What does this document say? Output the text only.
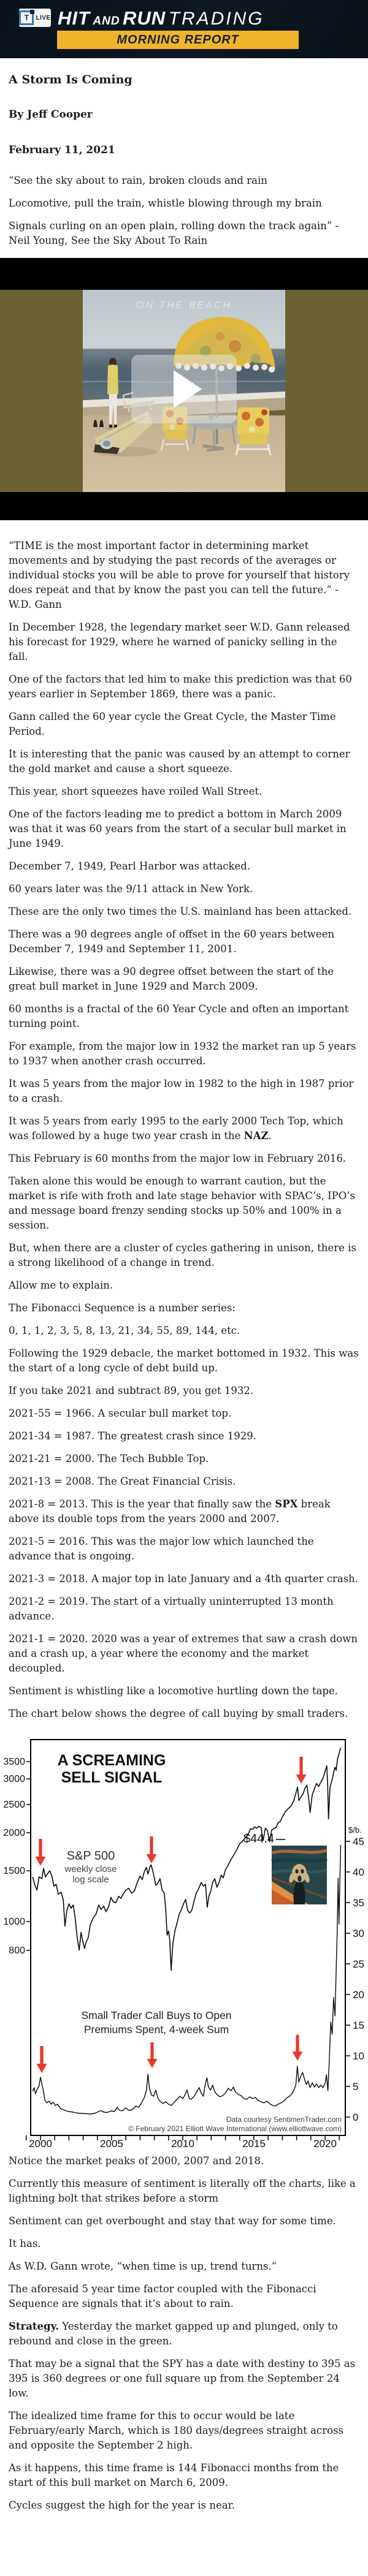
T	LIVE HIT AND RUN TRADING
MORNING REPORT
A Storm Is Coming
By Jeff Cooper
February 11, 2021

“See the sky about to rain, broken clouds and rain

Locomotive, pull the train, whistle blowing through my brain

Signals curling on an open plain, rolling down the track again” - Neil Young, See the Sky About To Rain

ON THE BEACH

“TIME is the most important factor in determining market movements and by studying the past records of the averages or individual stocks you will be able to prove for yourself that history does repeat and that by know the past you can tell the future.” - W.D. Gann

In December 1928, the legendary market seer W.D. Gann released his forecast for 1929, where he warned of panicky selling in the fall.

One of the factors that led him to make this prediction was that 60 years earlier in September 1869, there was a panic.

Gann called the 60 year cycle the Great Cycle, the Master Time Period.

It is interesting that the panic was caused by an attempt to corner the gold market and cause a short squeeze.

This year, short squeezes have roiled Wall Street.

One of the factors leading me to predict a bottom in March 2009 was that it was 60 years from the start of a secular bull market in June 1949.

December 7, 1949, Pearl Harbor was attacked.

60 years later was the 9/11 attack in New York.

These are the only two times the U.S. mainland has been attacked.

There was a 90 degrees angle of offset in the 60 years between December 7, 1949 and September 11, 2001.

Likewise, there was a 90 degree offset between the start of the great bull market in June 1929 and March 2009.

60 months is a fractal of the 60 Year Cycle and often an important turning point.

For example, from the major low in 1932 the market ran up 5 years to 1937 when another crash occurred.

It was 5 years from the major low in 1982 to the high in 1987 prior to a crash.

It was 5 years from early 1995 to the early 2000 Tech Top, which was followed by a huge two year crash in the NAZ.

This February is 60 months from the major low in February 2016.

Taken alone this would be enough to warrant caution, but the market is rife with froth and late stage behavior with SPAC’s, IPO’s and message board frenzy sending stocks up 50% and 100% in a session.

But, when there are a cluster of cycles gathering in unison, there is a strong likelihood of a change in trend.

Allow me to explain.

The Fibonacci Sequence is a number series:

0, 1, 1, 2, 3, 5, 8, 13, 21, 34, 55, 89, 144, etc.

Following the 1929 debacle, the market bottomed in 1932. This was the start of a long cycle of debt build up.

If you take 2021 and subtract 89, you get 1932.

2021-55 = 1966. A secular bull market top.

2021-34 = 1987. The greatest crash since 1929.

2021-21 = 2000. The Tech Bubble Top.

2021-13 = 2008. The Great Financial Crisis.

2021-8 = 2013. This is the year that finally saw the SPX break above its double tops from the years 2000 and 2007.

2021-5 = 2016. This was the major low which launched the advance that is ongoing.

2021-3 = 2018. A major top in late January and a 4th quarter crash.

2021-2 = 2019. The start of a virtually uninterrupted 13 month advance.

2021-1 = 2020. 2020 was a year of extremes that saw a crash down and a crash up, a year where the economy and the market decoupled.

Sentiment is whistling like a locomotive hurtling down the tape.

The chart below shows the degree of call buying by small traders.

A SCREAMING
SELL SIGNAL
3500
3000
2500
2000
1500
1000
800
45
40
35
30
25
20
15
10
5
0
$/b.
2000	2005	2010	2015	2020
S&P 500
weekly close
log scale
Small Trader Call Buys to Open
Premiums Spent, 4-week Sum
$44.4
Data courtesy SentimenTrader.com
© February 2021 Elliott Wave International (www.elliottwave.com)

Notice the market peaks of 2000, 2007 and 2018.

Currently this measure of sentiment is literally off the charts, like a lightning bolt that strikes before a storm

Sentiment can get overbought and stay that way for some time.

It has.

As W.D. Gann wrote, “when time is up, trend turns.”

The aforesaid 5 year time factor coupled with the Fibonacci Sequence are signals that it’s about to rain.

Strategy. Yesterday the market gapped up and plunged, only to rebound and close in the green.

That may be a signal that the SPY has a date with destiny to 395 as 395 is 360 degrees or one full square up from the September 24 low.

The idealized time frame for this to occur would be late February/early March, which is 180 days/degrees straight across and opposite the September 2 high.

As it happens, this time frame is 144 Fibonacci months from the start of this bull market on March 6, 2009.

Cycles suggest the high for the year is near.
